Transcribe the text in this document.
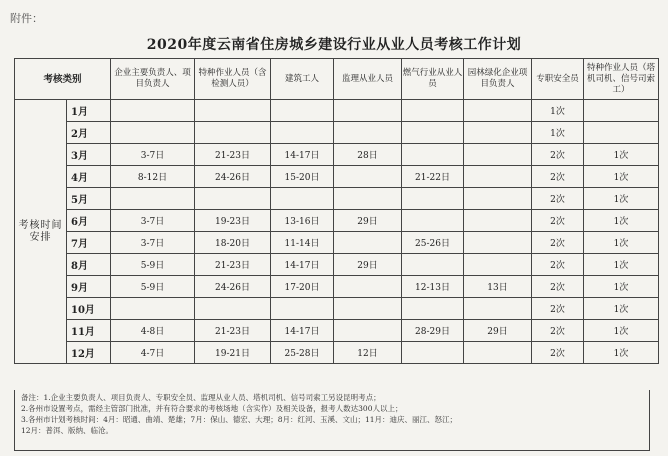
附件：
2020年度云南省住房城乡建设行业从业人员考核工作计划
考核类别		企业主要负责人、项目负责人	特种作业人员（含检测人员）	建筑工人	监理从业人员	燃气行业从业人员	园林绿化企业项目负责人	专职安全员	特种作业人员（塔机司机、信号司索工）
考核时间安排	1月							1次	
	2月							1次	
	3月	3-7日	21-23日	14-17日	28日			2次	1次
	4月	8-12日	24-26日	15-20日		21-22日		2次	1次
	5月							2次	1次
	6月	3-7日	19-23日	13-16日	29日			2次	1次
	7月	3-7日	18-20日	11-14日		25-26日		2次	1次
	8月	5-9日	21-23日	14-17日	29日			2次	1次
	9月	5-9日	24-26日	17-20日		12-13日	13日	2次	1次
	10月							2次	1次
	11月	4-8日	21-23日	14-17日		28-29日	29日	2次	1次
	12月	4-7日	19-21日	25-28日	12日			2次	1次
备注：1.企业主要负责人、项目负责人、专职安全员、监理从业人员、塔机司机、信号司索工另设昆明考点；
2.各州市设置考点，需经主管部门批准，并有符合要求的考核场地（含实作）及相关设备，报考人数达300人以上；
3.各州市计划考核时间：4月：昭通、曲靖、楚雄；7月：保山、德宏、大理；8月：红河、玉溪、文山；11月：迪庆、丽江、怒江；
12月：普洱、版纳、临沧。
